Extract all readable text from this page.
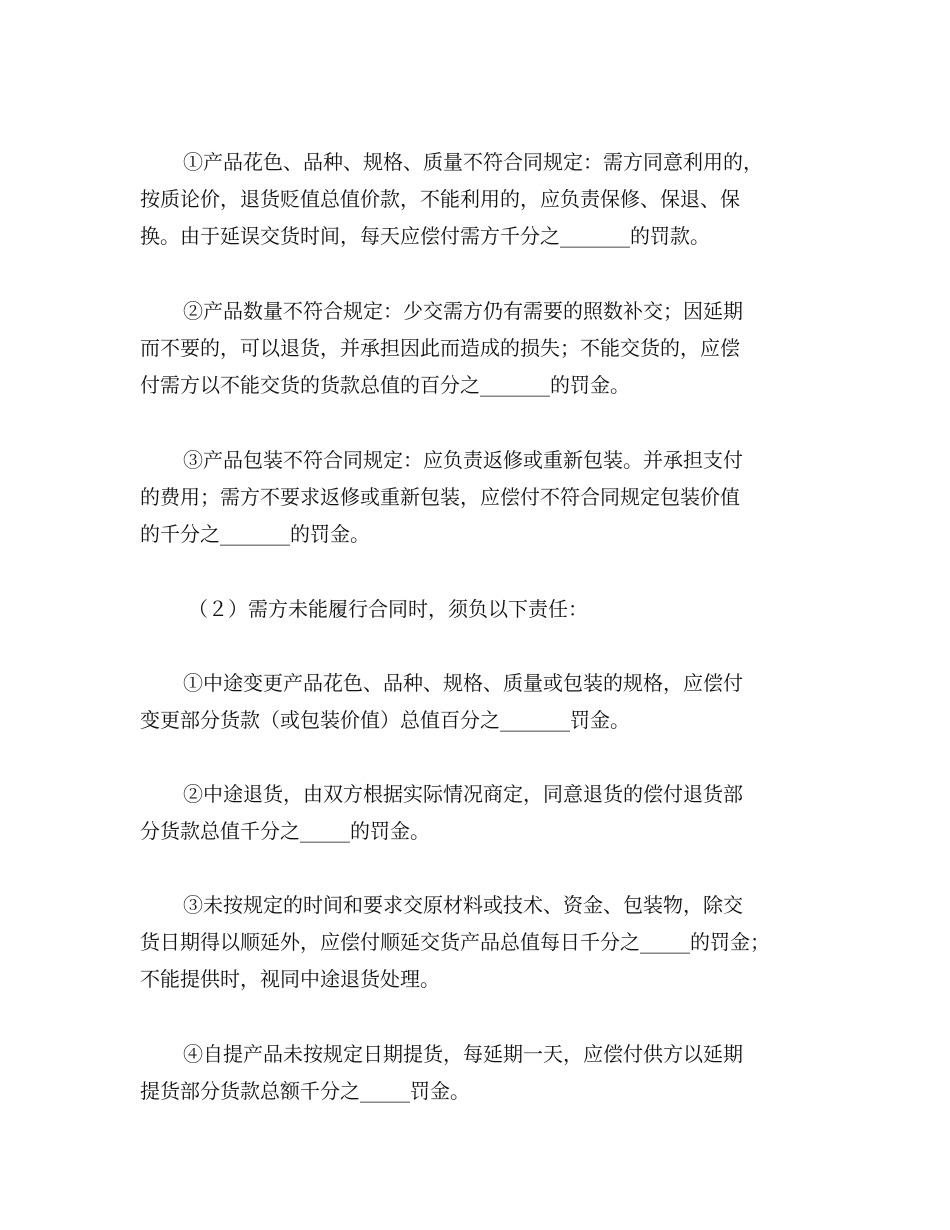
①产品花色、品种、规格、质量不符合同规定：需方同意利用的，
按质论价，退货贬值总值价款，不能利用的，应负责保修、保退、保
换。由于延误交货时间，每天应偿付需方千分之_______的罚款。
②产品数量不符合规定：少交需方仍有需要的照数补交；因延期
而不要的，可以退货，并承担因此而造成的损失；不能交货的，应偿
付需方以不能交货的货款总值的百分之_______的罚金。
③产品包装不符合同规定：应负责返修或重新包装。并承担支付
的费用；需方不要求返修或重新包装，应偿付不符合同规定包装价值
的千分之_______的罚金。
（２）需方未能履行合同时，须负以下责任：
①中途变更产品花色、品种、规格、质量或包装的规格，应偿付
变更部分货款（或包装价值）总值百分之_______罚金。
②中途退货，由双方根据实际情况商定，同意退货的偿付退货部
分货款总值千分之_____的罚金。
③未按规定的时间和要求交原材料或技术、资金、包装物，除交
货日期得以顺延外，应偿付顺延交货产品总值每日千分之_____的罚金；
不能提供时，视同中途退货处理。
④自提产品未按规定日期提货，每延期一天，应偿付供方以延期
提货部分货款总额千分之_____罚金。
